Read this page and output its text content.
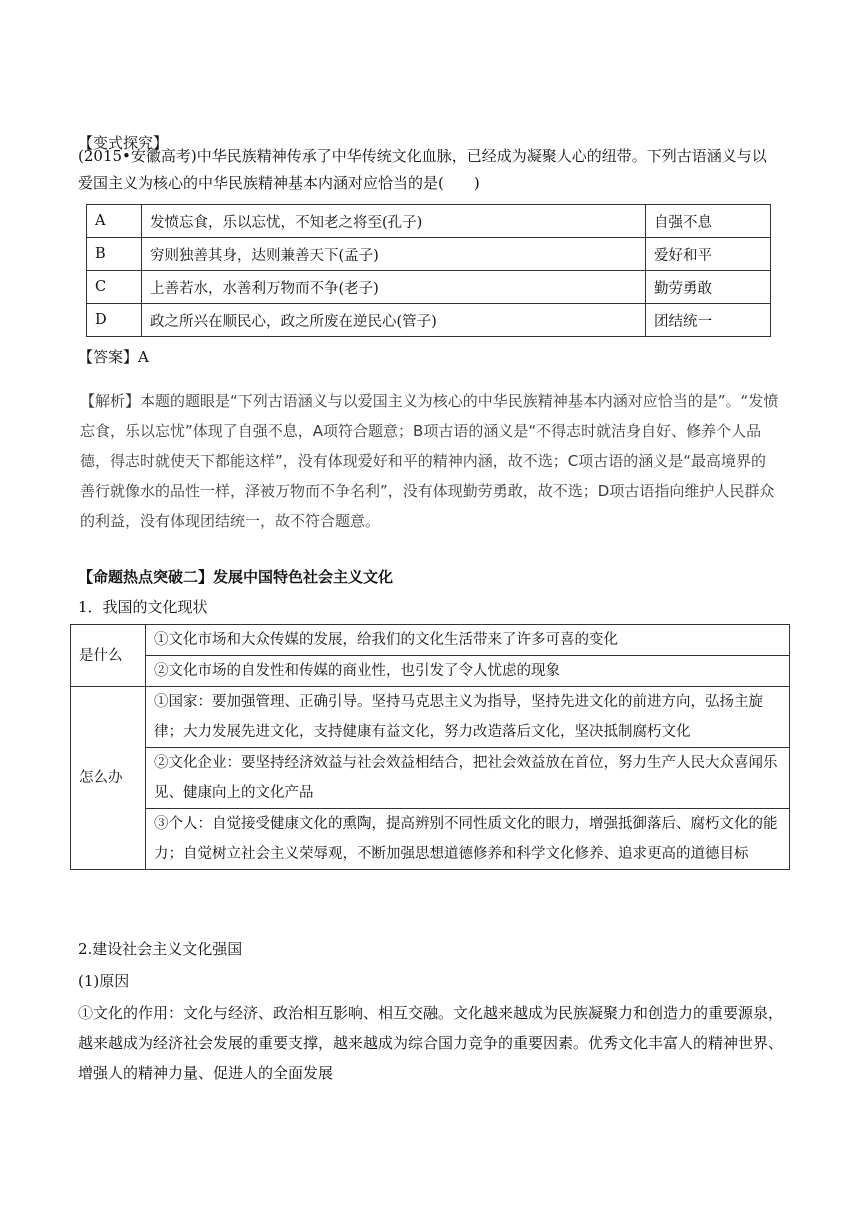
【变式探究】
(2015•安徽高考)中华民族精神传承了中华传统文化血脉，已经成为凝聚人心的纽带。下列古语涵义与以
爱国主义为核心的中华民族精神基本内涵对应恰当的是(　　)
A	发愤忘食，乐以忘忧，不知老之将至(孔子)	自强不息
B	穷则独善其身，达则兼善天下(孟子)	爱好和平
C	上善若水，水善利万物而不争(老子)	勤劳勇敢
D	政之所兴在顺民心，政之所废在逆民心(管子)	团结统一
【答案】A
【解析】本题的题眼是“下列古语涵义与以爱国主义为核心的中华民族精神基本内涵对应恰当的是”。“发愤忘食，乐以忘忧”体现了自强不息，A项符合题意；B项古语的涵义是“不得志时就洁身自好、修养个人品德，得志时就使天下都能这样”，没有体现爱好和平的精神内涵，故不选；C项古语的涵义是“最高境界的善行就像水的品性一样，泽被万物而不争名利”，没有体现勤劳勇敢，故不选；D项古语指向维护人民群众的利益，没有体现团结统一，故不符合题意。
【命题热点突破二】发展中国特色社会主义文化
1．我国的文化现状
是什么	①文化市场和大众传媒的发展，给我们的文化生活带来了许多可喜的变化
	②文化市场的自发性和传媒的商业性，也引发了令人忧虑的现象
怎么办	①国家：要加强管理、正确引导。坚持马克思主义为指导，坚持先进文化的前进方向，弘扬主旋律；大力发展先进文化，支持健康有益文化，努力改造落后文化，坚决抵制腐朽文化
	②文化企业：要坚持经济效益与社会效益相结合，把社会效益放在首位，努力生产人民大众喜闻乐见、健康向上的文化产品
	③个人：自觉接受健康文化的熏陶，提高辨别不同性质文化的眼力，增强抵御落后、腐朽文化的能力；自觉树立社会主义荣辱观，不断加强思想道德修养和科学文化修养、追求更高的道德目标
2.建设社会主义文化强国
(1)原因
①文化的作用：文化与经济、政治相互影响、相互交融。文化越来越成为民族凝聚力和创造力的重要源泉，越来越成为经济社会发展的重要支撑，越来越成为综合国力竞争的重要因素。优秀文化丰富人的精神世界、增强人的精神力量、促进人的全面发展
